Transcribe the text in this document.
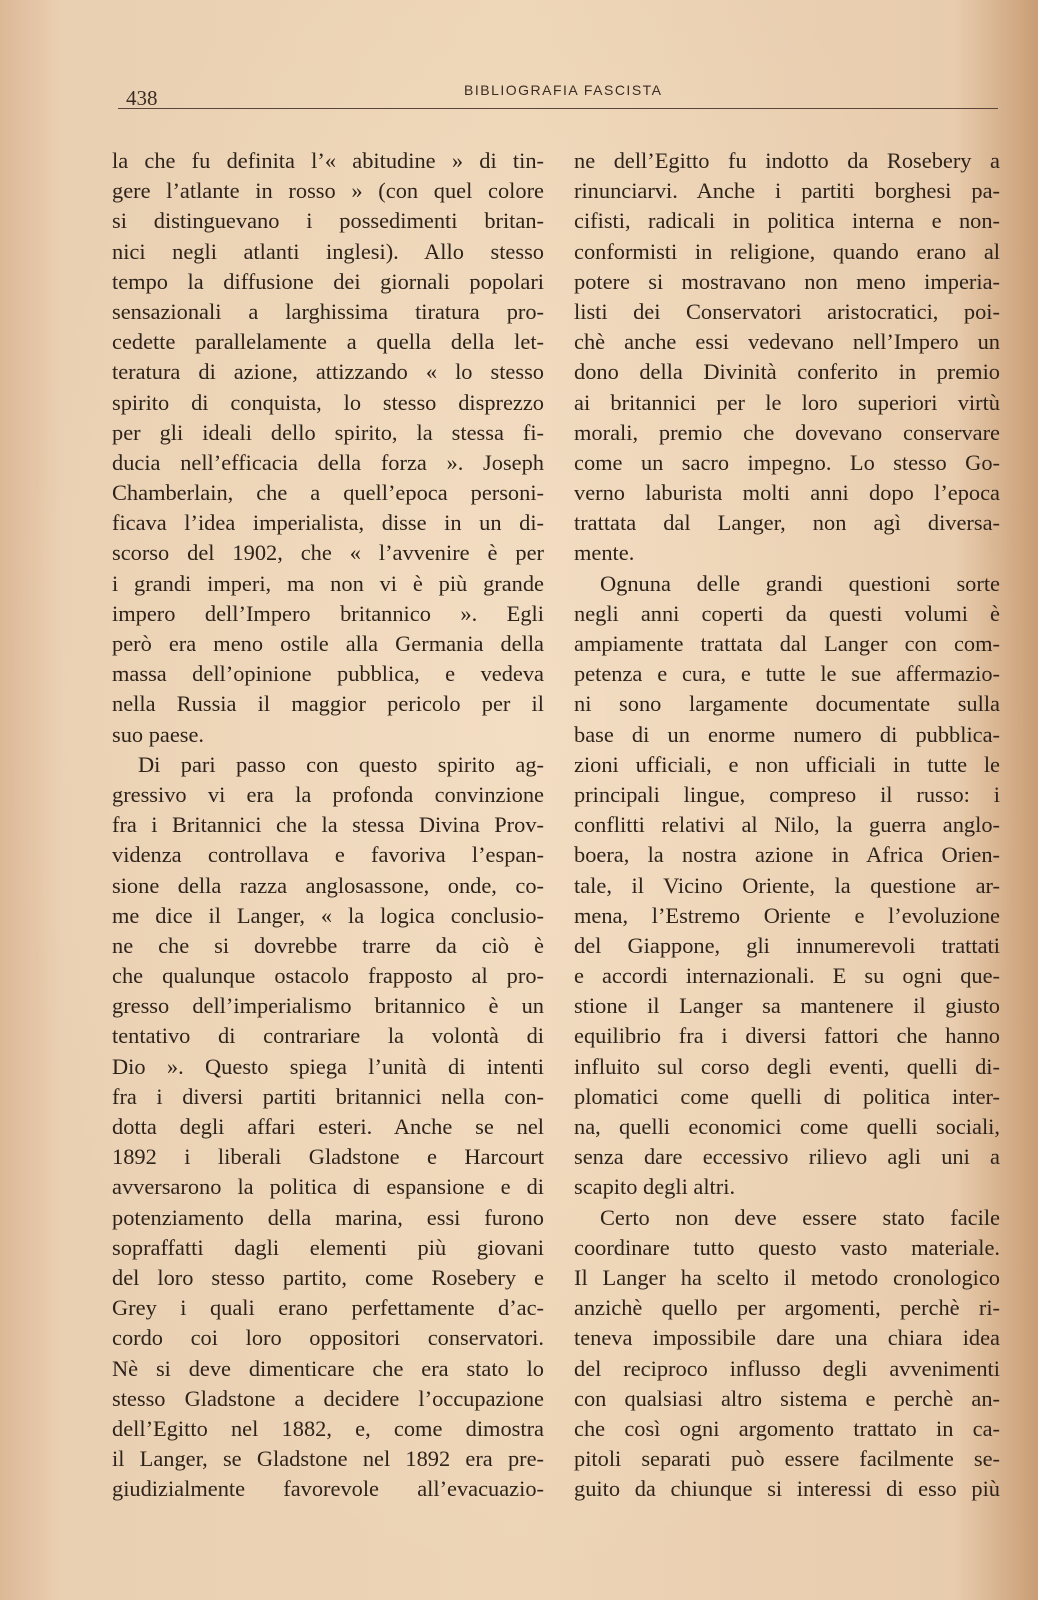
438	BIBLIOGRAFIA FASCISTA
la che fu definita l’« abitudine » di tin-
gere l’atlante in rosso » (con quel colore
si distinguevano i possedimenti britan-
nici negli atlanti inglesi). Allo stesso
tempo la diffusione dei giornali popolari
sensazionali a larghissima tiratura pro-
cedette parallelamente a quella della let-
teratura di azione, attizzando « lo stesso
spirito di conquista, lo stesso disprezzo
per gli ideali dello spirito, la stessa fi-
ducia nell’efficacia della forza ». Joseph
Chamberlain, che a quell’epoca personi-
ficava l’idea imperialista, disse in un di-
scorso del 1902, che « l’avvenire è per
i grandi imperi, ma non vi è più grande
impero dell’Impero britannico ». Egli
però era meno ostile alla Germania della
massa dell’opinione pubblica, e vedeva
nella Russia il maggior pericolo per il
suo paese.
Di pari passo con questo spirito ag-
gressivo vi era la profonda convinzione
fra i Britannici che la stessa Divina Prov-
videnza controllava e favoriva l’espan-
sione della razza anglosassone, onde, co-
me dice il Langer, « la logica conclusio-
ne che si dovrebbe trarre da ciò è
che qualunque ostacolo frapposto al pro-
gresso dell’imperialismo britannico è un
tentativo di contrariare la volontà di
Dio ». Questo spiega l’unità di intenti
fra i diversi partiti britannici nella con-
dotta degli affari esteri. Anche se nel
1892 i liberali Gladstone e Harcourt
avversarono la politica di espansione e di
potenziamento della marina, essi furono
sopraffatti dagli elementi più giovani
del loro stesso partito, come Rosebery e
Grey i quali erano perfettamente d’ac-
cordo coi loro oppositori conservatori.
Nè si deve dimenticare che era stato lo
stesso Gladstone a decidere l’occupazione
dell’Egitto nel 1882, e, come dimostra
il Langer, se Gladstone nel 1892 era pre-
giudizialmente favorevole all’evacuazio-
ne dell’Egitto fu indotto da Rosebery a
rinunciarvi. Anche i partiti borghesi pa-
cifisti, radicali in politica interna e non-
conformisti in religione, quando erano al
potere si mostravano non meno imperia-
listi dei Conservatori aristocratici, poi-
chè anche essi vedevano nell’Impero un
dono della Divinità conferito in premio
ai britannici per le loro superiori virtù
morali, premio che dovevano conservare
come un sacro impegno. Lo stesso Go-
verno laburista molti anni dopo l’epoca
trattata dal Langer, non agì diversa-
mente.
Ognuna delle grandi questioni sorte
negli anni coperti da questi volumi è
ampiamente trattata dal Langer con com-
petenza e cura, e tutte le sue affermazio-
ni sono largamente documentate sulla
base di un enorme numero di pubblica-
zioni ufficiali, e non ufficiali in tutte le
principali lingue, compreso il russo: i
conflitti relativi al Nilo, la guerra anglo-
boera, la nostra azione in Africa Orien-
tale, il Vicino Oriente, la questione ar-
mena, l’Estremo Oriente e l’evoluzione
del Giappone, gli innumerevoli trattati
e accordi internazionali. E su ogni que-
stione il Langer sa mantenere il giusto
equilibrio fra i diversi fattori che hanno
influito sul corso degli eventi, quelli di-
plomatici come quelli di politica inter-
na, quelli economici come quelli sociali,
senza dare eccessivo rilievo agli uni a
scapito degli altri.
Certo non deve essere stato facile
coordinare tutto questo vasto materiale.
Il Langer ha scelto il metodo cronologico
anzichè quello per argomenti, perchè ri-
teneva impossibile dare una chiara idea
del reciproco influsso degli avvenimenti
con qualsiasi altro sistema e perchè an-
che così ogni argomento trattato in ca-
pitoli separati può essere facilmente se-
guito da chiunque si interessi di esso più
